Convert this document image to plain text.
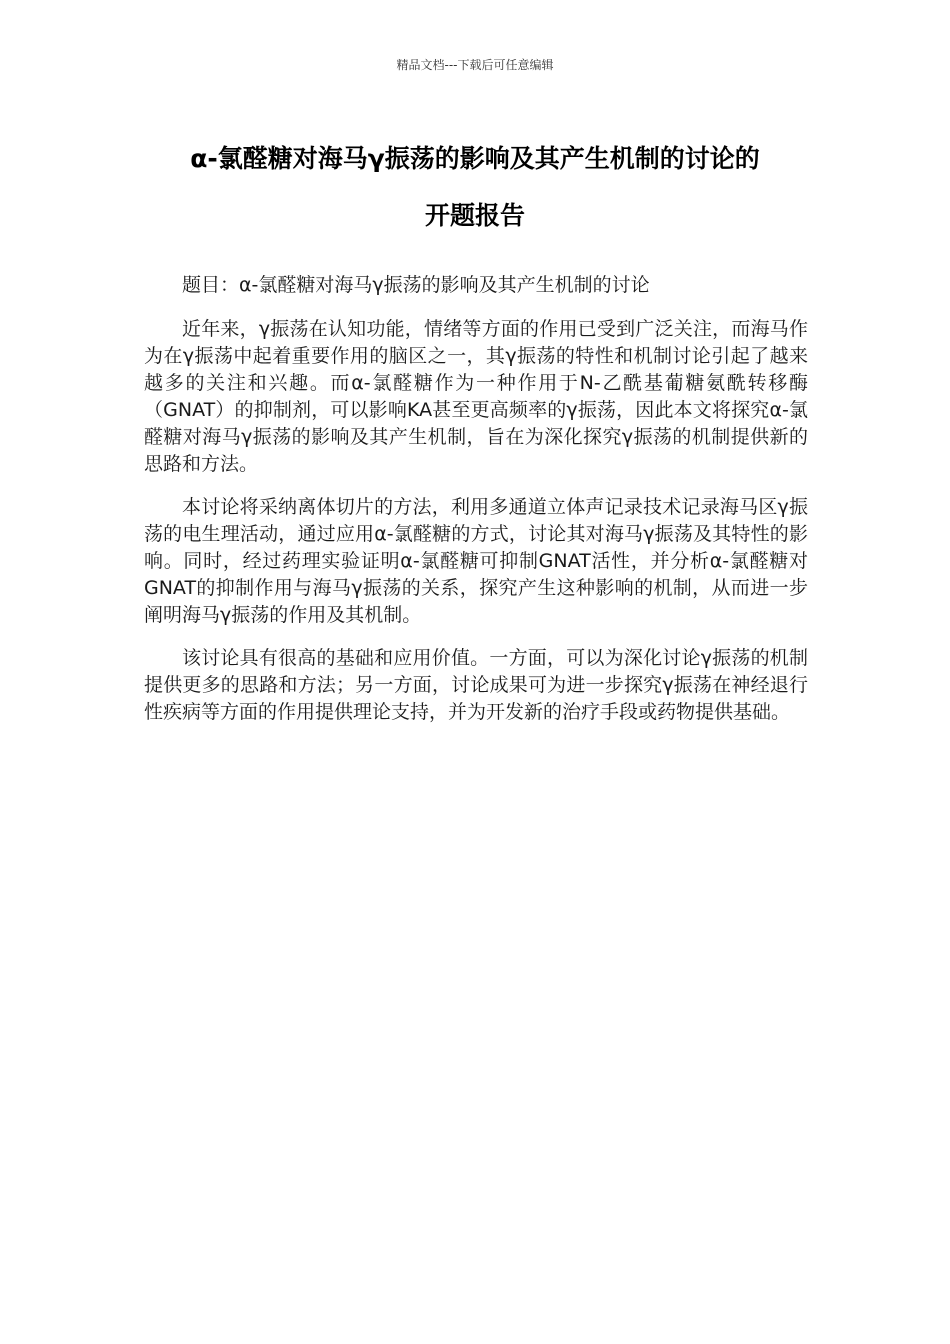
精品文档---下载后可任意编辑
α-氯醛糖对海马γ振荡的影响及其产生机制的讨论的
开题报告

题目：α-氯醛糖对海马γ振荡的影响及其产生机制的讨论

近年来，γ振荡在认知功能，情绪等方面的作用已受到广泛关注，而海马作为在γ振荡中起着重要作用的脑区之一，其γ振荡的特性和机制讨论引起了越来越多的关注和兴趣。而α-氯醛糖作为一种作用于N-乙酰基葡糖氨酰转移酶（GNAT）的抑制剂，可以影响KA甚至更高频率的γ振荡，因此本文将探究α-氯醛糖对海马γ振荡的影响及其产生机制，旨在为深化探究γ振荡的机制提供新的思路和方法。

本讨论将采纳离体切片的方法，利用多通道立体声记录技术记录海马区γ振荡的电生理活动，通过应用α-氯醛糖的方式，讨论其对海马γ振荡及其特性的影响。同时，经过药理实验证明α-氯醛糖可抑制GNAT活性，并分析α-氯醛糖对GNAT的抑制作用与海马γ振荡的关系，探究产生这种影响的机制，从而进一步阐明海马γ振荡的作用及其机制。

该讨论具有很高的基础和应用价值。一方面，可以为深化讨论γ振荡的机制提供更多的思路和方法；另一方面，讨论成果可为进一步探究γ振荡在神经退行性疾病等方面的作用提供理论支持，并为开发新的治疗手段或药物提供基础。
